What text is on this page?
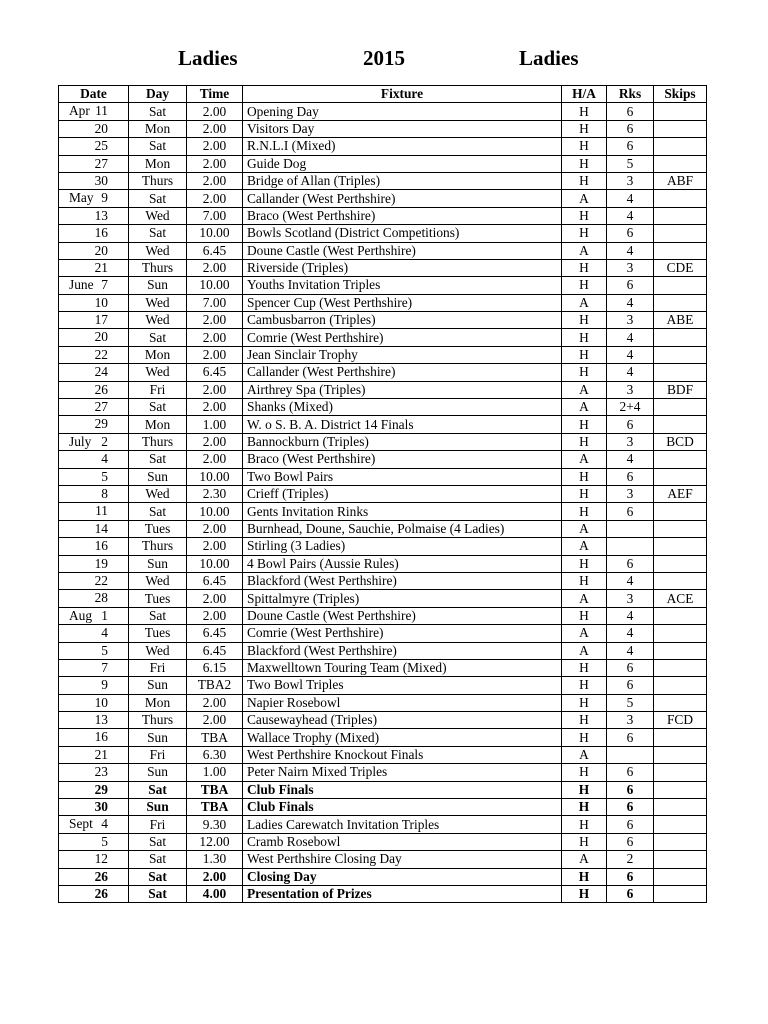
Ladies	2015	Ladies
Date	Day	Time	Fixture	H/A	Rks	Skips

Apr 11	Sat	2.00	Opening Day	H	6	

20	Mon	2.00	Visitors Day	H	6	

25	Sat	2.00	R.N.L.I (Mixed)	H	6	

27	Mon	2.00	Guide Dog	H	5	

30	Thurs	2.00	Bridge of Allan (Triples)	H	3	ABF

May 9	Sat	2.00	Callander (West Perthshire)	A	4	

13	Wed	7.00	Braco (West Perthshire)	H	4	

16	Sat	10.00	Bowls Scotland (District Competitions)	H	6	

20	Wed	6.45	Doune Castle (West Perthshire)	A	4	

21	Thurs	2.00	Riverside (Triples)	H	3	CDE

June 7	Sun	10.00	Youths Invitation Triples	H	6	

10	Wed	7.00	Spencer Cup (West Perthshire)	A	4	

17	Wed	2.00	Cambusbarron (Triples)	H	3	ABE

20	Sat	2.00	Comrie (West Perthshire)	H	4	

22	Mon	2.00	Jean Sinclair Trophy	H	4	

24	Wed	6.45	Callander (West Perthshire)	H	4	

26	Fri	2.00	Airthrey Spa (Triples)	A	3	BDF

27	Sat	2.00	Shanks (Mixed)	A	2+4	

29	Mon	1.00	W. o S. B. A. District 14 Finals	H	6	

July 2	Thurs	2.00	Bannockburn (Triples)	H	3	BCD

4	Sat	2.00	Braco (West Perthshire)	A	4	

5	Sun	10.00	Two Bowl Pairs	H	6	

8	Wed	2.30	Crieff (Triples)	H	3	AEF

11	Sat	10.00	Gents Invitation Rinks	H	6	

14	Tues	2.00	Burnhead, Doune, Sauchie, Polmaise (4 Ladies)	A		

16	Thurs	2.00	Stirling (3 Ladies)	A		

19	Sun	10.00	4 Bowl Pairs (Aussie Rules)	H	6	

22	Wed	6.45	Blackford (West Perthshire)	H	4	

28	Tues	2.00	Spittalmyre (Triples)	A	3	ACE

Aug 1	Sat	2.00	Doune Castle (West Perthshire)	H	4	

4	Tues	6.45	Comrie (West Perthshire)	A	4	

5	Wed	6.45	Blackford (West Perthshire)	A	4	

7	Fri	6.15	Maxwelltown Touring Team (Mixed)	H	6	

9	Sun	TBA2	Two Bowl Triples	H	6	

10	Mon	2.00	Napier Rosebowl	H	5	

13	Thurs	2.00	Causewayhead (Triples)	H	3	FCD

16	Sun	TBA	Wallace Trophy (Mixed)	H	6	

21	Fri	6.30	West Perthshire Knockout Finals	A		

23	Sun	1.00	Peter Nairn Mixed Triples	H	6	

29	Sat	TBA	Club Finals	H	6	

30	Sun	TBA	Club Finals	H	6	

Sept 4	Fri	9.30	Ladies Carewatch Invitation Triples	H	6	

5	Sat	12.00	Cramb Rosebowl	H	6	

12	Sat	1.30	West Perthshire Closing Day	A	2	

26	Sat	2.00	Closing Day	H	6	

26	Sat	4.00	Presentation of Prizes	H	6	
